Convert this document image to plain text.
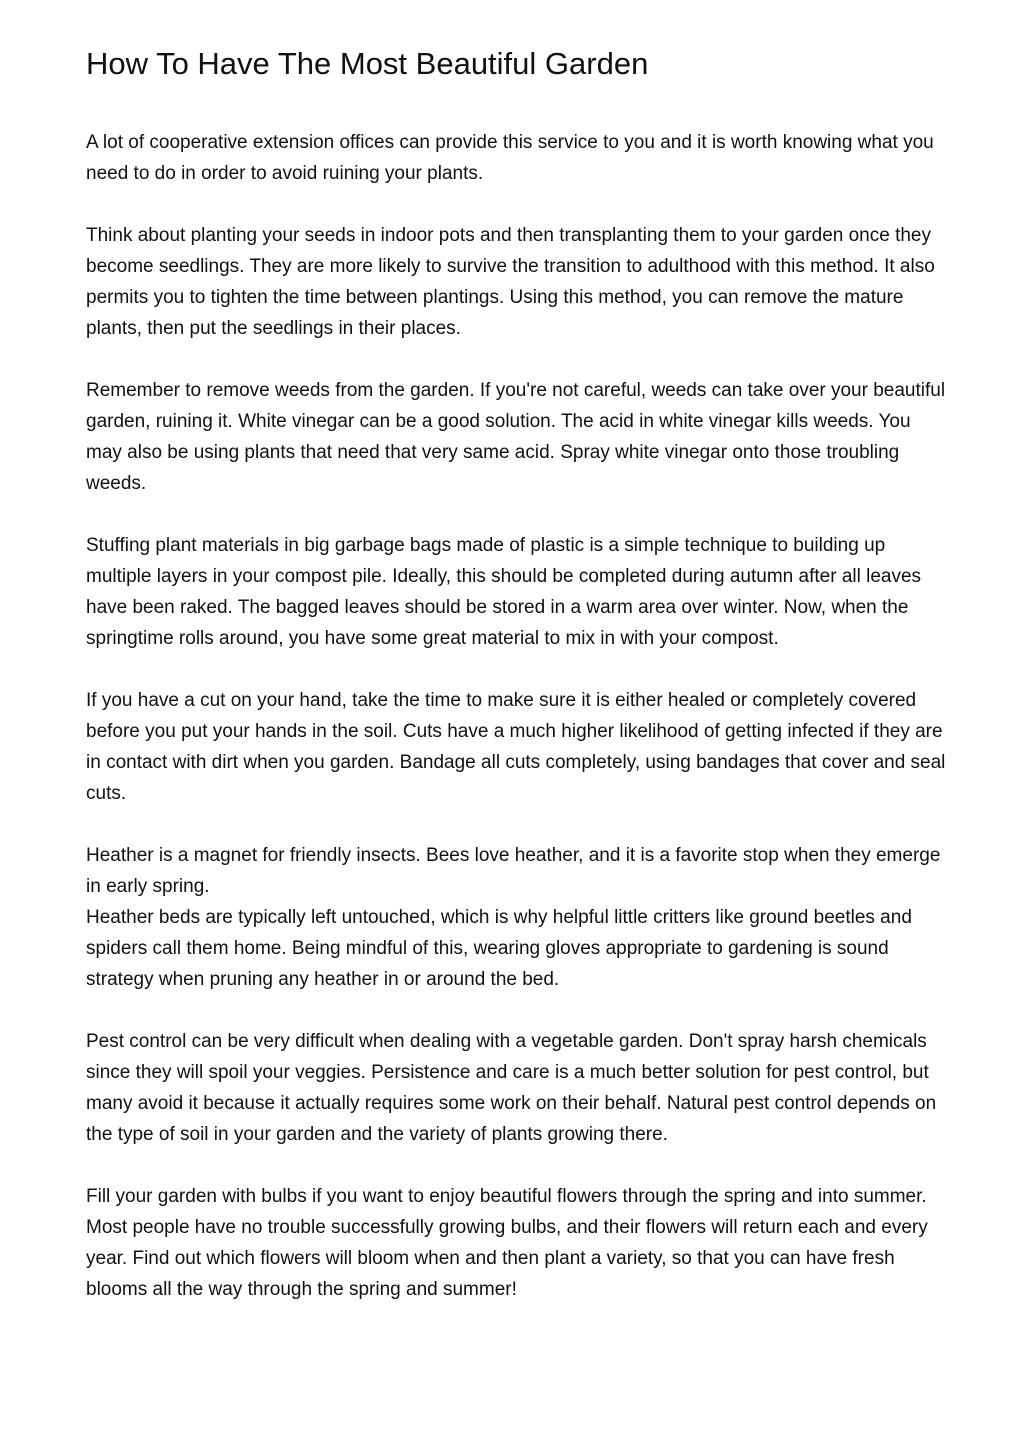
How To Have The Most Beautiful Garden

A lot of cooperative extension offices can provide this service to you and it is worth knowing what you need to do in order to avoid ruining your plants.

Think about planting your seeds in indoor pots and then transplanting them to your garden once they become seedlings. They are more likely to survive the transition to adulthood with this method. It also permits you to tighten the time between plantings. Using this method, you can remove the mature plants, then put the seedlings in their places.

Remember to remove weeds from the garden. If you're not careful, weeds can take over your beautiful garden, ruining it. White vinegar can be a good solution. The acid in white vinegar kills weeds. You may also be using plants that need that very same acid. Spray white vinegar onto those troubling weeds.

Stuffing plant materials in big garbage bags made of plastic is a simple technique to building up multiple layers in your compost pile. Ideally, this should be completed during autumn after all leaves have been raked. The bagged leaves should be stored in a warm area over winter. Now, when the springtime rolls around, you have some great material to mix in with your compost.

If you have a cut on your hand, take the time to make sure it is either healed or completely covered before you put your hands in the soil. Cuts have a much higher likelihood of getting infected if they are in contact with dirt when you garden. Bandage all cuts completely, using bandages that cover and seal cuts.

Heather is a magnet for friendly insects. Bees love heather, and it is a favorite stop when they emerge in early spring.

Heather beds are typically left untouched, which is why helpful little critters like ground beetles and spiders call them home. Being mindful of this, wearing gloves appropriate to gardening is sound strategy when pruning any heather in or around the bed.

Pest control can be very difficult when dealing with a vegetable garden. Don't spray harsh chemicals since they will spoil your veggies. Persistence and care is a much better solution for pest control, but many avoid it because it actually requires some work on their behalf. Natural pest control depends on the type of soil in your garden and the variety of plants growing there.

Fill your garden with bulbs if you want to enjoy beautiful flowers through the spring and into summer. Most people have no trouble successfully growing bulbs, and their flowers will return each and every year. Find out which flowers will bloom when and then plant a variety, so that you can have fresh blooms all the way through the spring and summer!
